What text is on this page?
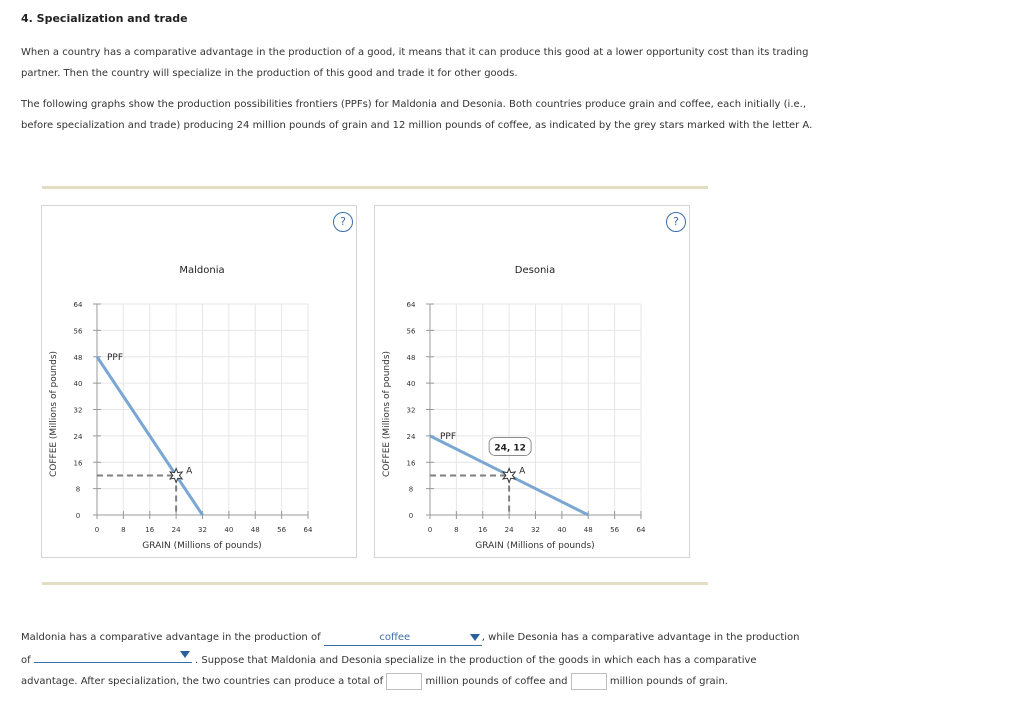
4. Specialization and trade

When a country has a comparative advantage in the production of a good, it means that it can produce this good at a lower opportunity cost than its trading partner. Then the country will specialize in the production of this good and trade it for other goods.

The following graphs show the production possibilities frontiers (PPFs) for Maldonia and Desonia. Both countries produce grain and coffee, each initially (i.e., before specialization and trade) producing 24 million pounds of grain and 12 million pounds of coffee, as indicated by the grey stars marked with the letter A.

0	8	16 24 32 40 48 56 64
0
8
16
24
32
40
48
56
64
Maldonia
GRAIN (Millions of pounds)
COFFEE (Millions of pounds)	PPF
A
?
0	8	16 24 32 40 48 56 64
0
8
16
24
32
40
48
56
64
Desonia
GRAIN (Millions of pounds)
COFFEE (Millions of pounds)	PPF
A
24, 12
?

Maldonia has a comparative advantage in the production of	coffee	, while Desonia has a comparative advantage in the production of	. Suppose that Maldonia and Desonia specialize in the production of the goods in which each has a comparative advantage. After specialization, the two countries can produce a total of	million pounds of coffee and	million pounds of grain.
